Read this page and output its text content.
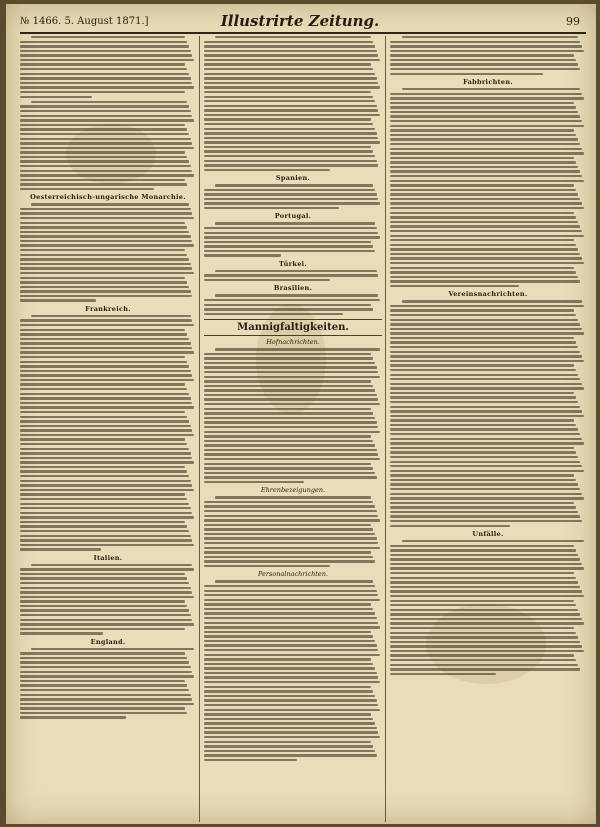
№ 1466. 5. August 1871.]	Illustrirte Zeitung.	99
Oesterreichisch-ungarische Monarchie.
Frankreich.
Italien.
England.
Spanien.
Portugal.
Türkei.
Brasilien.
Mannigfaltigkeiten.
Hofnachrichten.
Ehrenbezeigungen.
Personalnachrichten.
Fabbrichten.
Vereinsnachrichten.
Unfälle.
